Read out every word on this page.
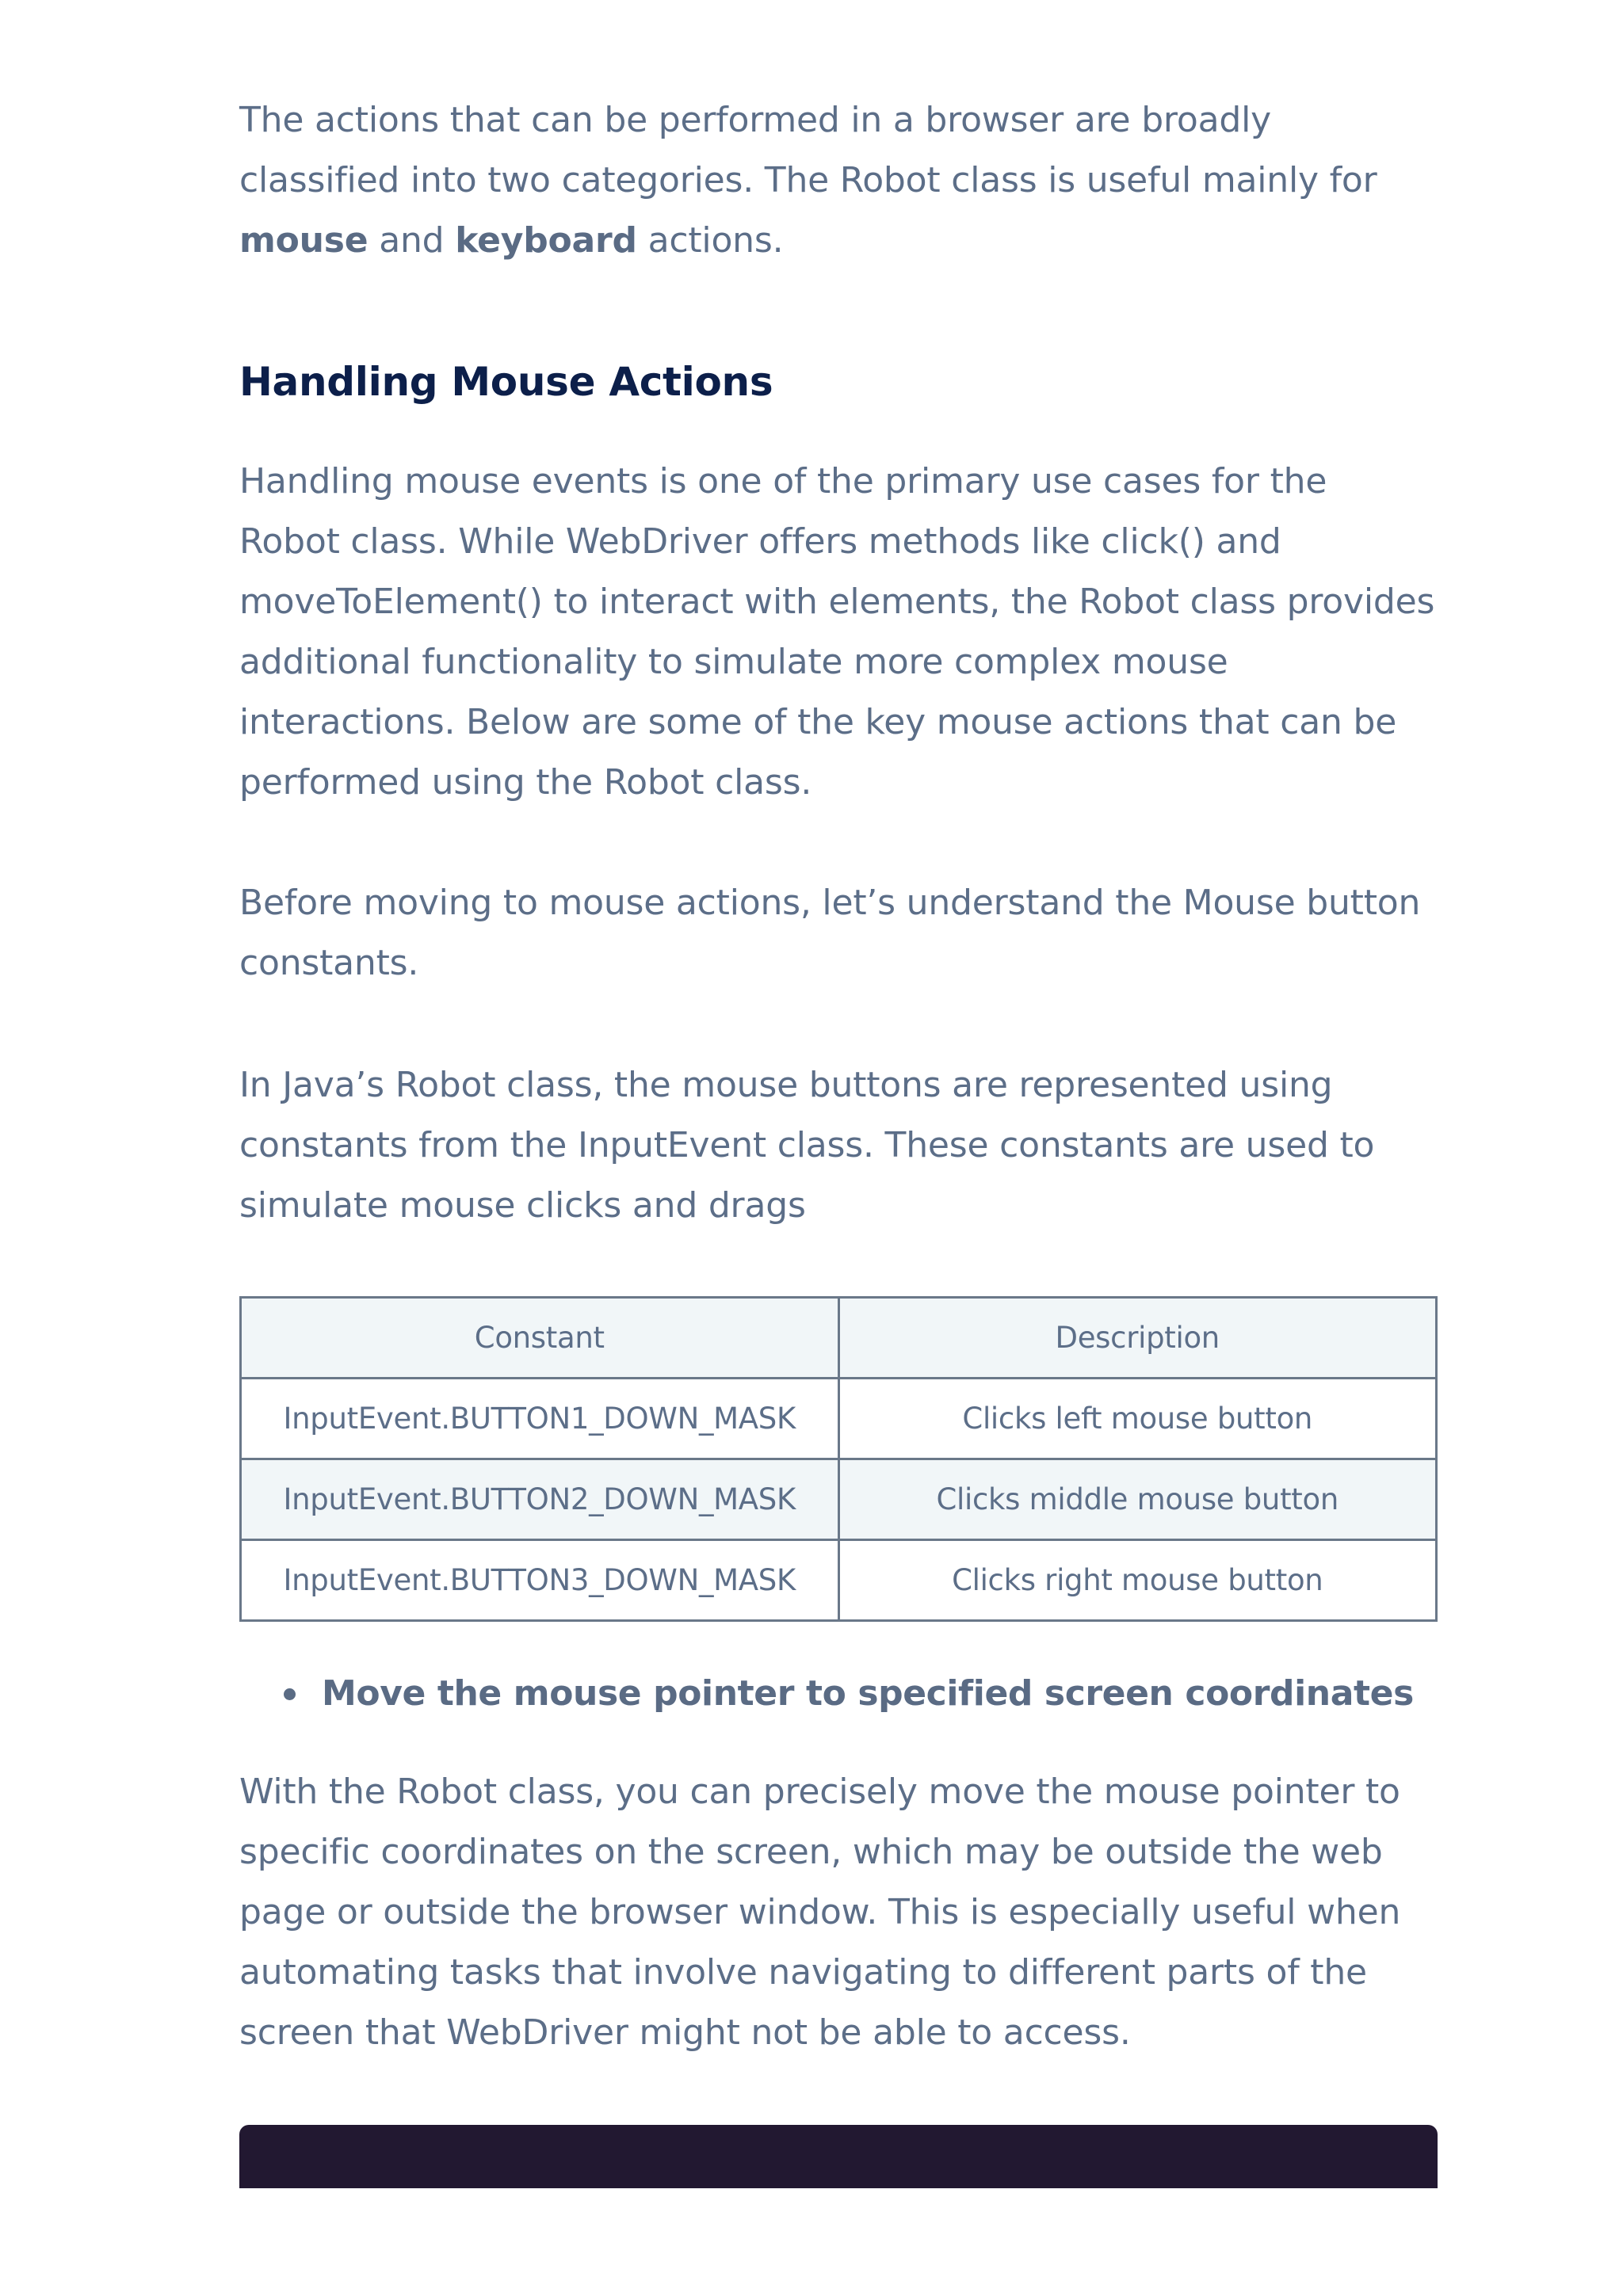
The actions that can be performed in a browser are broadly classified into two categories. The Robot class is useful mainly for mouse and keyboard actions.

Handling Mouse Actions

Handling mouse events is one of the primary use cases for the Robot class. While WebDriver offers methods like click() and moveToElement() to interact with elements, the Robot class provides additional functionality to simulate more complex mouse interactions. Below are some of the key mouse actions that can be performed using the Robot class.

Before moving to mouse actions, let’s understand the Mouse button constants.

In Java’s Robot class, the mouse buttons are represented using constants from the InputEvent class. These constants are used to simulate mouse clicks and drags

Constant	Description
InputEvent.BUTTON1_DOWN_MASK	Clicks left mouse button
InputEvent.BUTTON2_DOWN_MASK	Clicks middle mouse button
InputEvent.BUTTON3_DOWN_MASK	Clicks right mouse button
Move the mouse pointer to specified screen coordinates

With the Robot class, you can precisely move the mouse pointer to specific coordinates on the screen, which may be outside the web page or outside the browser window. This is especially useful when automating tasks that involve navigating to different parts of the screen that WebDriver might not be able to access.
